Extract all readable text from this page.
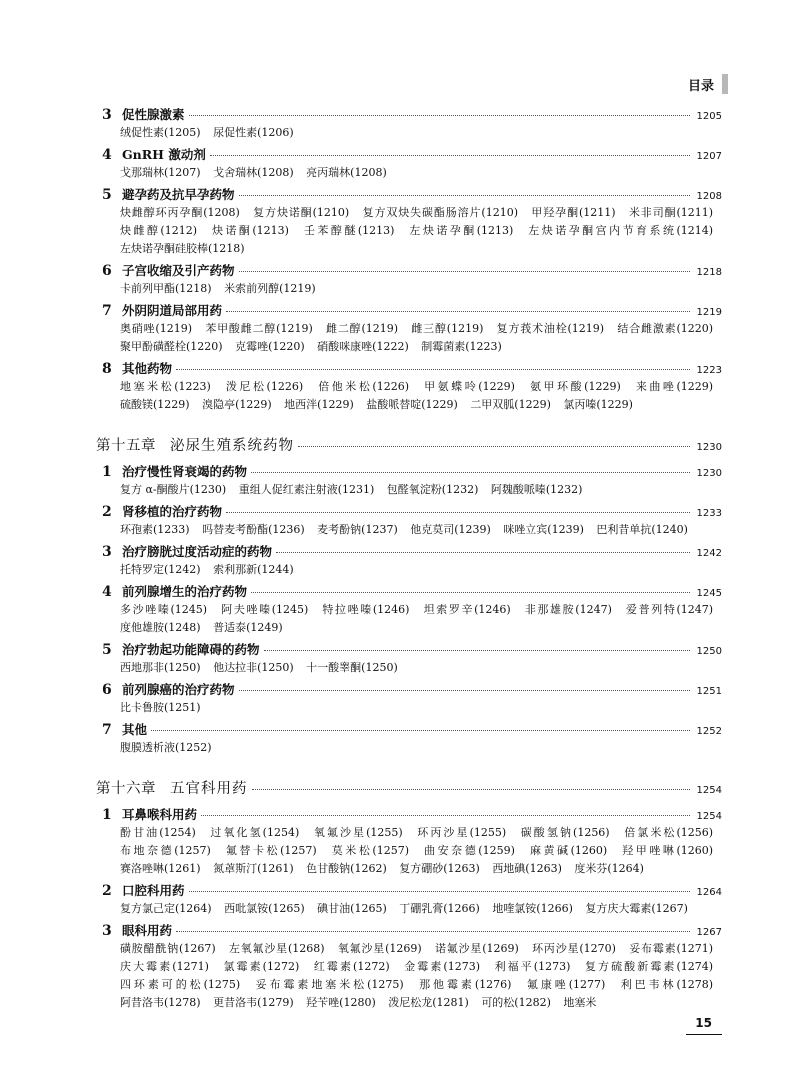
目录
3 促性腺激素	1205
绒促性素(1205) 尿促性素(1206)
4 GnRH 激动剂	1207
戈那瑞林(1207) 戈舍瑞林(1208) 亮丙瑞林(1208)
5 避孕药及抗早孕药物	1208
炔雌醇环丙孕酮(1208) 复方炔诺酮(1210) 复方双炔失碳酯肠溶片(1210) 甲羟孕酮(1211) 米非司酮(1211) 炔雌醇(1212) 炔诺酮(1213) 壬苯醇醚(1213) 左炔诺孕酮(1213) 左炔诺孕酮宫内节育系统(1214) 左炔诺孕酮硅胶棒(1218)
6 子宫收缩及引产药物	1218
卡前列甲酯(1218) 米索前列醇(1219)
7 外阴阴道局部用药	1219
奥硝唑(1219) 苯甲酸雌二醇(1219) 雌二醇(1219) 雌三醇(1219) 复方莪术油栓(1219) 结合雌激素(1220) 聚甲酚磺醛栓(1220) 克霉唑(1220) 硝酸咪康唑(1222) 制霉菌素(1223)
8 其他药物	1223
地塞米松(1223) 泼尼松(1226) 倍他米松(1226) 甲氨蝶呤(1229) 氨甲环酸(1229) 来曲唑(1229) 硫酸镁(1229) 溴隐亭(1229) 地西泮(1229) 盐酸哌替啶(1229) 二甲双胍(1229) 氯丙嗪(1229)
第十五章 泌尿生殖系统药物	1230
1 治疗慢性肾衰竭的药物	1230
复方 α-酮酸片(1230) 重组人促红素注射液(1231) 包醛氧淀粉(1232) 阿魏酸哌嗪(1232)
2 肾移植的治疗药物	1233
环孢素(1233) 吗替麦考酚酯(1236) 麦考酚钠(1237) 他克莫司(1239) 咪唑立宾(1239) 巴利昔单抗(1240)
3 治疗膀胱过度活动症的药物	1242
托特罗定(1242) 索利那新(1244)
4 前列腺增生的治疗药物	1245
多沙唑嗪(1245) 阿夫唑嗪(1245) 特拉唑嗪(1246) 坦索罗辛(1246) 非那雄胺(1247) 爱普列特(1247) 度他雄胺(1248) 普适泰(1249)
5 治疗勃起功能障碍的药物	1250
西地那非(1250) 他达拉非(1250) 十一酸睾酮(1250)
6 前列腺癌的治疗药物	1251
比卡鲁胺(1251)
7 其他	1252
腹膜透析液(1252)
第十六章 五官科用药	1254
1 耳鼻喉科用药	1254
酚甘油(1254) 过氧化氢(1254) 氧氟沙星(1255) 环丙沙星(1255) 碳酸氢钠(1256) 倍氯米松(1256) 布地奈德(1257) 氟替卡松(1257) 莫米松(1257) 曲安奈德(1259) 麻黄碱(1260) 羟甲唑啉(1260) 赛洛唑啉(1261) 氮䓬斯汀(1261) 色甘酸钠(1262) 复方硼砂(1263) 西地碘(1263) 度米芬(1264)
2 口腔科用药	1264
复方氯己定(1264) 西吡氯铵(1265) 碘甘油(1265) 丁硼乳膏(1266) 地喹氯铵(1266) 复方庆大霉素(1267)
3 眼科用药	1267
磺胺醋酰钠(1267) 左氧氟沙星(1268) 氧氟沙星(1269) 诺氟沙星(1269) 环丙沙星(1270) 妥布霉素(1271) 庆大霉素(1271) 氯霉素(1272) 红霉素(1272) 金霉素(1273) 利福平(1273) 复方硫酸新霉素(1274) 四环素可的松(1275) 妥布霉素地塞米松(1275) 那他霉素(1276) 氟康唑(1277) 利巴韦林(1278) 阿昔洛韦(1278) 更昔洛韦(1279) 羟苄唑(1280) 泼尼松龙(1281) 可的松(1282) 地塞米
15
